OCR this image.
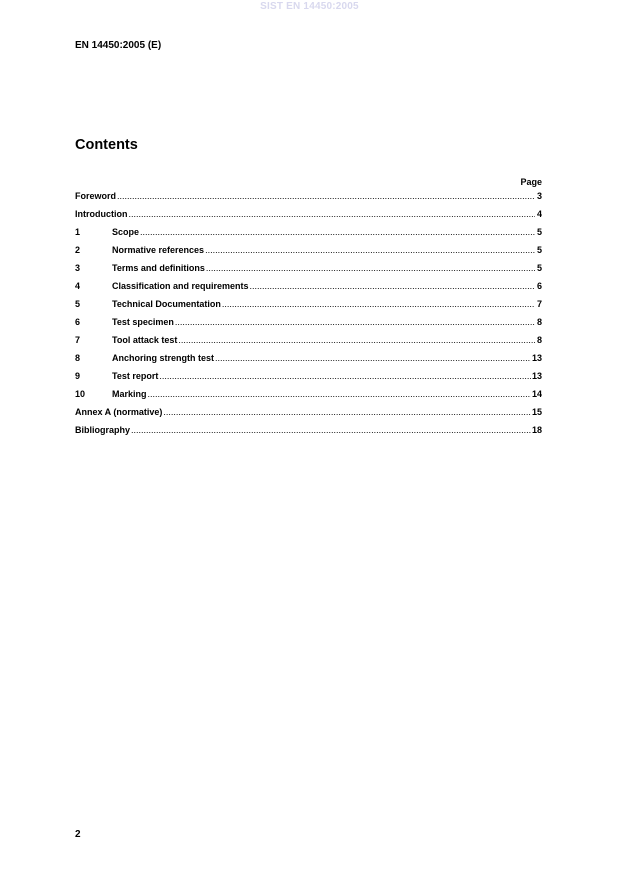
SIST EN 14450:2005
EN 14450:2005 (E)
Contents
Page
Foreword .....	3
Introduction .....	4
1	Scope .....	5
2	Normative references .....	5
3	Terms and definitions .....	5
4	Classification and requirements .....	6
5	Technical Documentation .....	7
6	Test specimen .....	8
7	Tool attack test .....	8
8	Anchoring strength test .....	13
9	Test report .....	13
10	Marking .....	14
Annex A (normative) .....	15
Bibliography .....	18
2
